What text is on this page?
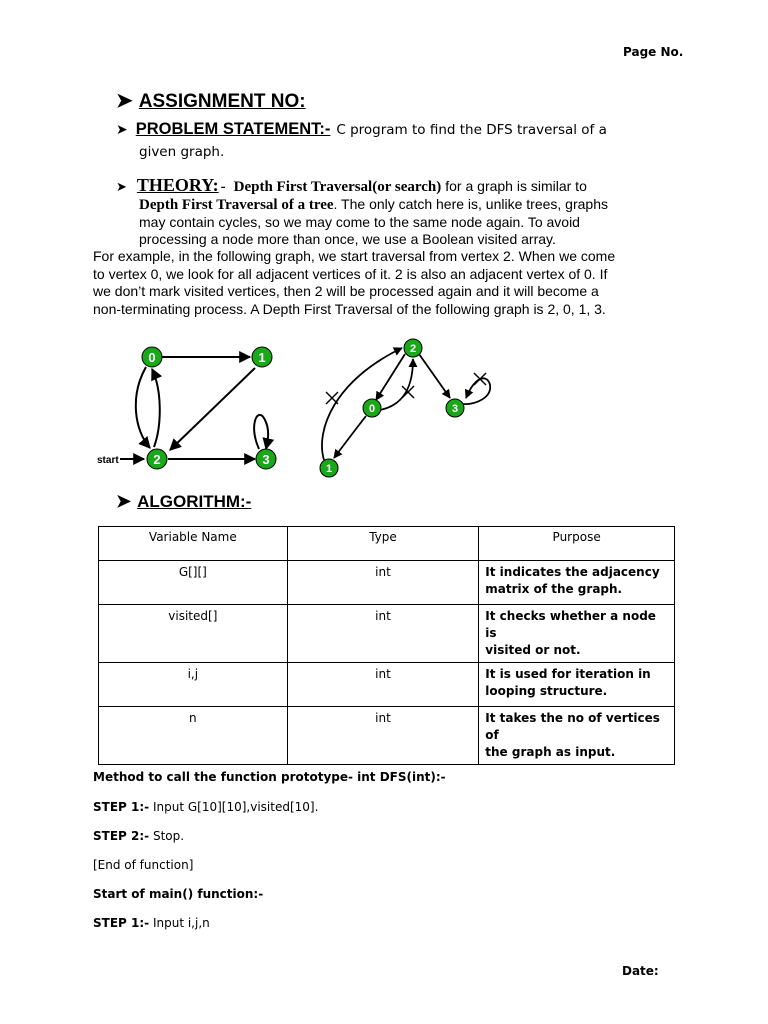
Page No.
➤ ASSIGNMENT NO:
➤ PROBLEM STATEMENT:- C program to find the DFS traversal of a
given graph.
➤ THEORY: - Depth First Traversal(or search) for a graph is similar to
Depth First Traversal of a tree. The only catch here is, unlike trees, graphs
may contain cycles, so we may come to the same node again. To avoid
processing a node more than once, we use a Boolean visited array.
For example, in the following graph, we start traversal from vertex 2. When we come
to vertex 0, we look for all adjacent vertices of it. 2 is also an adjacent vertex of 0. If
we don’t mark visited vertices, then 2 will be processed again and it will become a
non-terminating process. A Depth First Traversal of the following graph is 2, 0, 1, 3.
0	1
2	3
start
2
0	3
1
➤ ALGORITHM:-
Variable Name	Type	Purpose
G[][]	int	It indicates the adjacency
matrix of the graph.

visited[]	int	It checks whether a node is
visited or not.

i,j	int	It is used for iteration in
looping structure.

n	int	It takes the no of vertices of
the graph as input.
Method to call the function prototype- int DFS(int):-
STEP 1:- Input G[10][10],visited[10].
STEP 2:- Stop.
[End of function]
Start of main() function:-
STEP 1:- Input i,j,n
Date:
